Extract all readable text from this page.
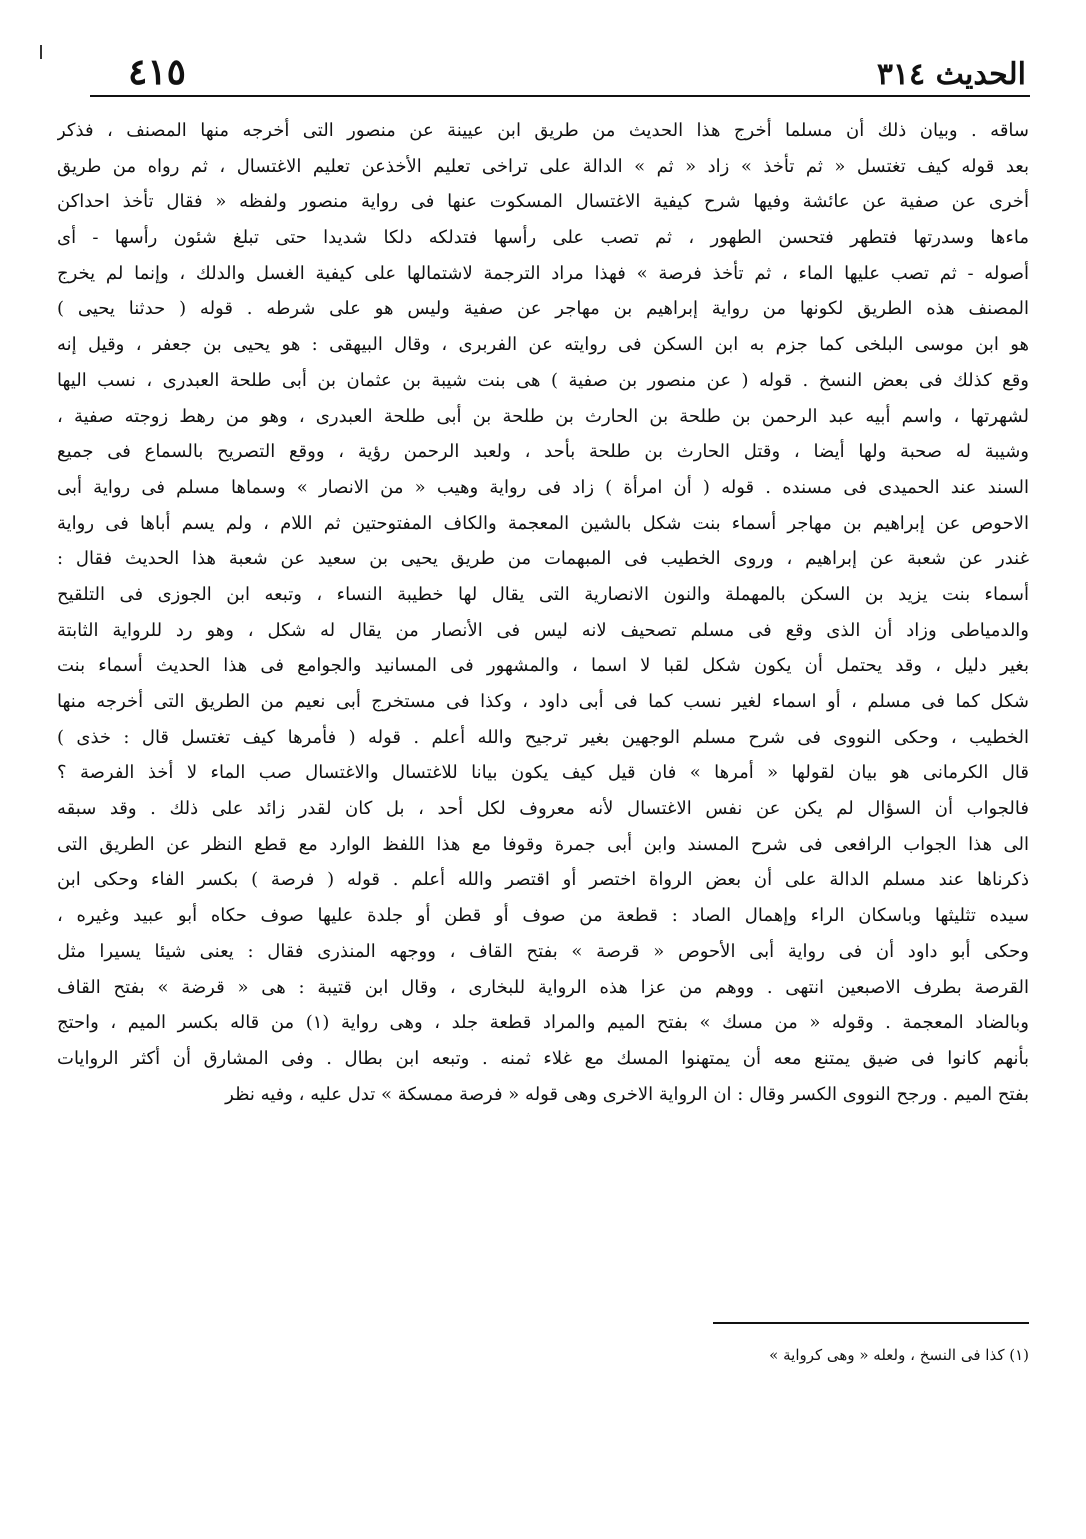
الحديث ٣١٤
٤١٥
ساقه . وبيان ذلك أن مسلما أخرج هذا الحديث من طريق ابن عيينة عن منصور التى أخرجه منها المصنف ، فذكر
بعد قوله كيف تغتسل « ثم تأخذ » زاد « ثم » الدالة على تراخى تعليم الأخذعن تعليم الاغتسال ، ثم رواه من طريق
أخرى عن صفية عن عائشة وفيها شرح كيفية الاغتسال المسكوت عنها فى رواية منصور ولفظه « فقال تأخذ احداكن
ماءها وسدرتها فتطهر فتحسن الطهور ، ثم تصب على رأسها فتدلكه دلكا شديدا حتى تبلغ شئون رأسها - أى
أصوله - ثم تصب عليها الماء ، ثم تأخذ فرصة » فهذا مراد الترجمة لاشتمالها على كيفية الغسل والدلك ، وإنما لم يخرج
المصنف هذه الطريق لكونها من رواية إبراهيم بن مهاجر عن صفية وليس هو على شرطه . قوله ( حدثنا يحيى )
هو ابن موسى البلخى كما جزم به ابن السكن فى روايته عن الفربرى ، وقال البيهقى : هو يحيى بن جعفر ، وقيل إنه
وقع كذلك فى بعض النسخ . قوله ( عن منصور بن صفية ) هى بنت شيبة بن عثمان بن أبى طلحة العبدرى ، نسب اليها
لشهرتها ، واسم أبيه عبد الرحمن بن طلحة بن الحارث بن طلحة بن أبى طلحة العبدرى ، وهو من رهط زوجته صفية ،
وشيبة له صحبة ولها أيضا ، وقتل الحارث بن طلحة بأحد ، ولعبد الرحمن رؤية ، ووقع التصريح بالسماع فى جميع
السند عند الحميدى فى مسنده . قوله ( أن امرأة ) زاد فى رواية وهيب « من الانصار » وسماها مسلم فى رواية أبى
الاحوص عن إبراهيم بن مهاجر أسماء بنت شكل بالشين المعجمة والكاف المفتوحتين ثم اللام ، ولم يسم أباها فى رواية
غندر عن شعبة عن إبراهيم ، وروى الخطيب فى المبهمات من طريق يحيى بن سعيد عن شعبة هذا الحديث فقال :
أسماء بنت يزيد بن السكن بالمهملة والنون الانصارية التى يقال لها خطيبة النساء ، وتبعه ابن الجوزى فى التلقيح
والدمياطى وزاد أن الذى وقع فى مسلم تصحيف لانه ليس فى الأنصار من يقال له شكل ، وهو رد للرواية الثابتة
بغير دليل ، وقد يحتمل أن يكون شكل لقبا لا اسما ، والمشهور فى المسانيد والجوامع فى هذا الحديث أسماء بنت
شكل كما فى مسلم ، أو اسماء لغير نسب كما فى أبى داود ، وكذا فى مستخرج أبى نعيم من الطريق التى أخرجه منها
الخطيب ، وحكى النووى فى شرح مسلم الوجهين بغير ترجيح والله أعلم . قوله ( فأمرها كيف تغتسل قال : خذى )
قال الكرمانى هو بيان لقولها « أمرها » فان قيل كيف يكون بيانا للاغتسال والاغتسال صب الماء لا أخذ الفرصة ؟
فالجواب أن السؤال لم يكن عن نفس الاغتسال لأنه معروف لكل أحد ، بل كان لقدر زائد على ذلك . وقد سبقه
الى هذا الجواب الرافعى فى شرح المسند وابن أبى جمرة وقوفا مع هذا اللفظ الوارد مع قطع النظر عن الطريق التى
ذكرناها عند مسلم الدالة على أن بعض الرواة اختصر أو اقتصر والله أعلم . قوله ( فرصة ) بكسر الفاء وحكى ابن
سيده تثليثها وباسكان الراء وإهمال الصاد : قطعة من صوف أو قطن أو جلدة عليها صوف حكاه أبو عبيد وغيره ،
وحكى أبو داود أن فى رواية أبى الأحوص « قرصة » بفتح القاف ، ووجهه المنذرى فقال : يعنى شيئا يسيرا مثل
القرصة بطرف الاصبعين انتهى . ووهم من عزا هذه الرواية للبخارى ، وقال ابن قتيبة : هى « قرضة » بفتح القاف
وبالضاد المعجمة . وقوله « من مسك » بفتح الميم والمراد قطعة جلد ، وهى رواية (١) من قاله بكسر الميم ، واحتج
بأنهم كانوا فى ضيق يمتنع معه أن يمتهنوا المسك مع غلاء ثمنه . وتبعه ابن بطال . وفى المشارق أن أكثر الروايات
بفتح الميم . ورجح النووى الكسر وقال : ان الرواية الاخرى وهى قوله « فرصة ممسكة » تدل عليه ، وفيه نظر
(١) كذا فى النسخ ، ولعله « وهى كرواية »
